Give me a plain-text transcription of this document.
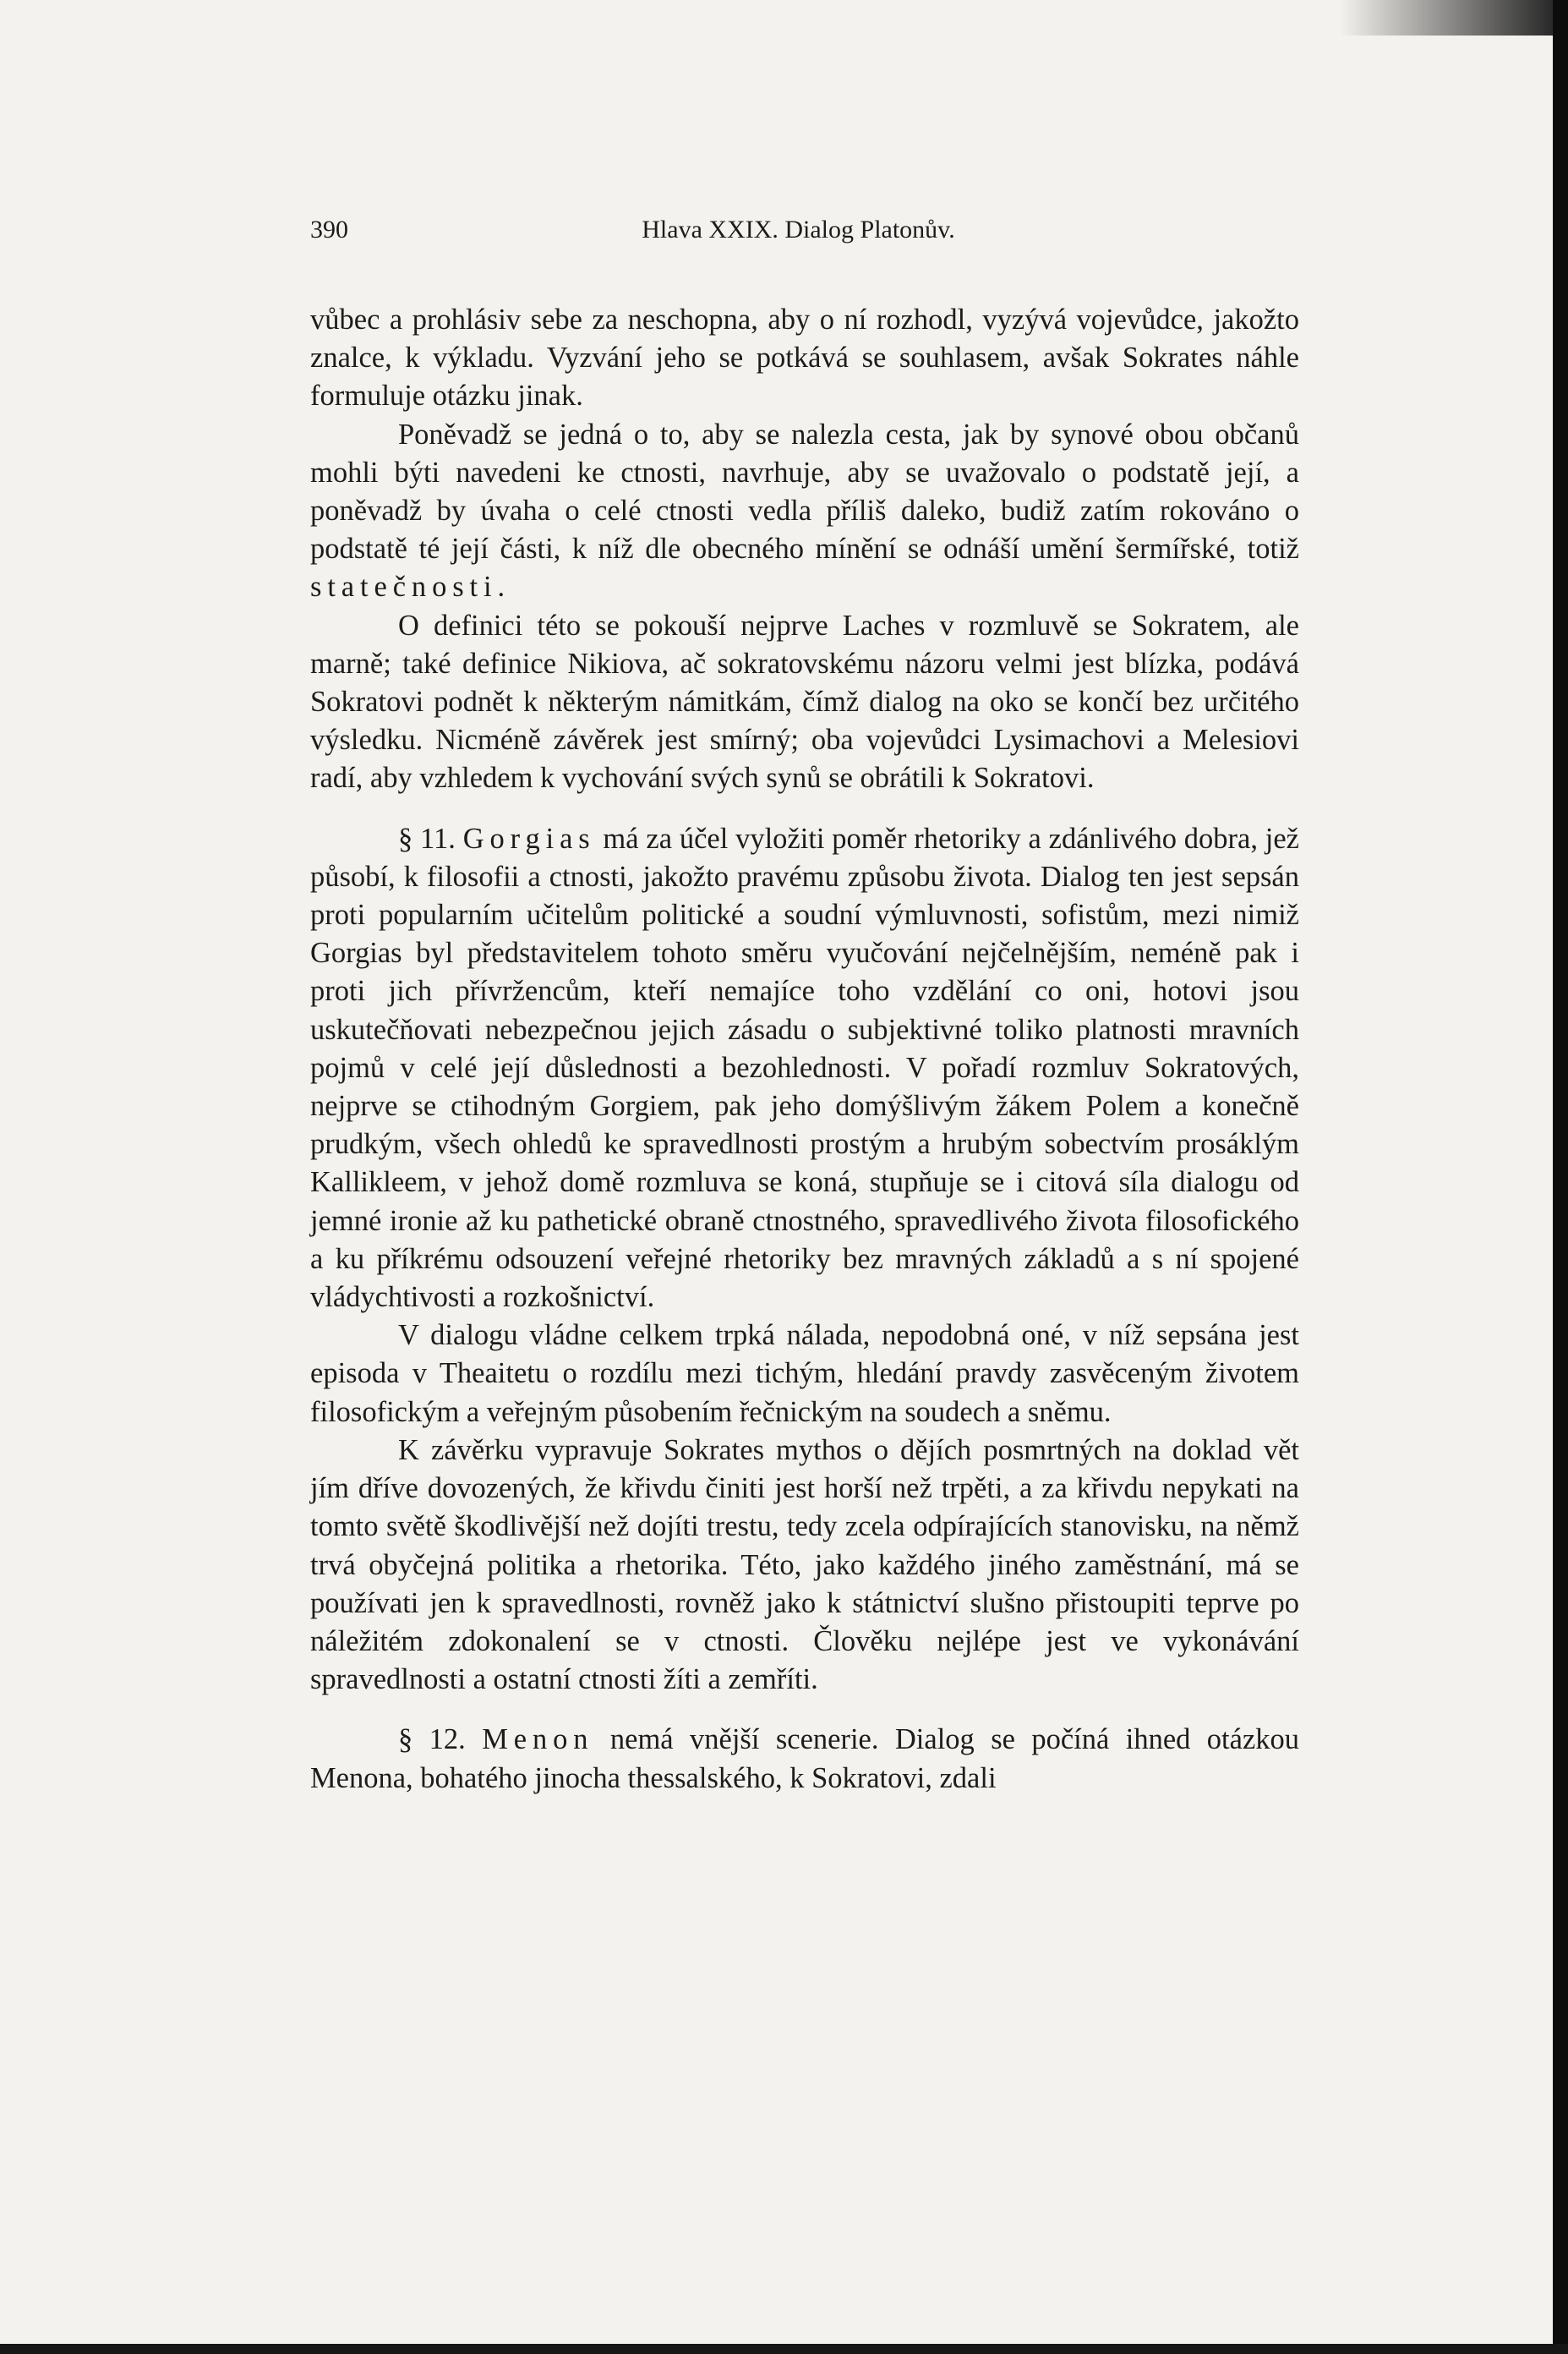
390	Hlava XXIX. Dialog Platonův.

vůbec a prohlásiv sebe za neschopna, aby o ní rozhodl, vyzývá vojevůdce, jakožto znalce, k výkladu. Vyzvání jeho se potkává se souhlasem, avšak Sokrates náhle formuluje otázku jinak.

Poněvadž se jedná o to, aby se nalezla cesta, jak by synové obou občanů mohli býti navedeni ke ctnosti, navrhuje, aby se uvažovalo o podstatě její, a poněvadž by úvaha o celé ctnosti vedla příliš daleko, budiž zatím rokováno o podstatě té její části, k níž dle obecného mínění se odnáší umění šermířské, totiž statečnosti.

O definici této se pokouší nejprve Laches v rozmluvě se Sokratem, ale marně; také definice Nikiova, ač sokratovskému názoru velmi jest blízka, podává Sokratovi podnět k některým námitkám, čímž dialog na oko se končí bez určitého výsledku. Nicméně závěrek jest smírný; oba vojevůdci Lysimachovi a Melesiovi radí, aby vzhledem k vychování svých synů se obrátili k Sokratovi.

§ 11. Gorgias má za účel vyložiti poměr rhetoriky a zdánlivého dobra, jež působí, k filosofii a ctnosti, jakožto pravému způsobu života. Dialog ten jest sepsán proti popularním učitelům politické a soudní výmluvnosti, sofistům, mezi nimiž Gorgias byl představitelem tohoto směru vyučování nejčelnějším, neméně pak i proti jich přívržencům, kteří nemajíce toho vzdělání co oni, hotovi jsou uskutečňovati nebezpečnou jejich zásadu o subjektivné toliko platnosti mravních pojmů v celé její důslednosti a bezohlednosti. V pořadí rozmluv Sokratových, nejprve se ctihodným Gorgiem, pak jeho domýšlivým žákem Polem a konečně prudkým, všech ohledů ke spravedlnosti prostým a hrubým sobectvím prosáklým Kallikleem, v jehož domě rozmluva se koná, stupňuje se i citová síla dialogu od jemné ironie až ku pathetické obraně ctnostného, spravedlivého života filosofického a ku příkrému odsouzení veřejné rhetoriky bez mravných základů a s ní spojené vládychtivosti a rozkošnictví.

V dialogu vládne celkem trpká nálada, nepodobná oné, v níž sepsána jest episoda v Theaitetu o rozdílu mezi tichým, hledání pravdy zasvěceným životem filosofickým a veřejným působením řečnickým na soudech a sněmu.

K závěrku vypravuje Sokrates mythos o dějích posmrtných na doklad vět jím dříve dovozených, že křivdu činiti jest horší než trpěti, a za křivdu nepykati na tomto světě škodlivější než dojíti trestu, tedy zcela odpírajících stanovisku, na němž trvá obyčejná politika a rhetorika. Této, jako každého jiného zaměstnání, má se používati jen k spravedlnosti, rovněž jako k státnictví slušno přistoupiti teprve po náležitém zdokonalení se v ctnosti. Člověku nejlépe jest ve vykonávání spravedlnosti a ostatní ctnosti žíti a zemříti.

§ 12. Menon nemá vnější scenerie. Dialog se počíná ihned otázkou Menona, bohatého jinocha thessalského, k Sokratovi, zdali
